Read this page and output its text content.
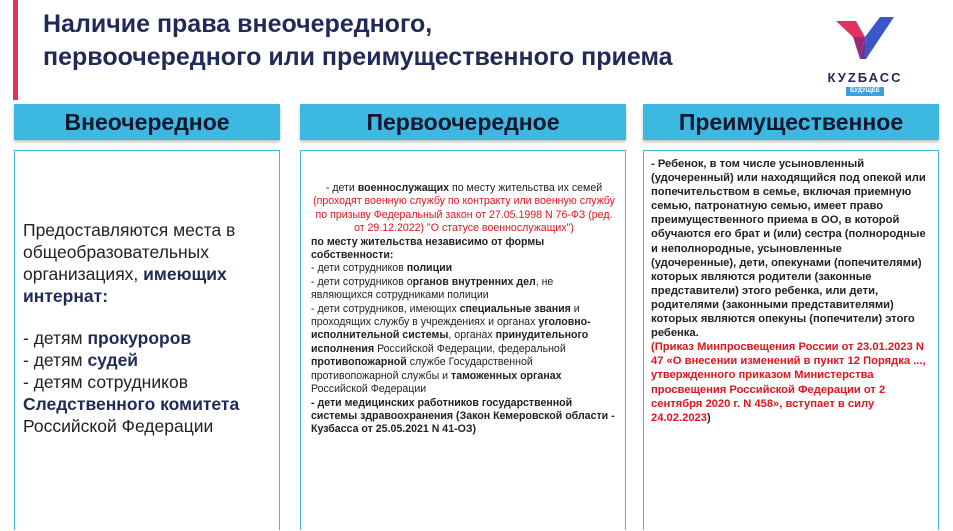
Наличие права внеочередного,
первоочередного или преимущественного приема
КУZБАСС
БУДУЩЕЕ
Внеочередное	Первоочередное	Преимущественное

Предоставляются места в общеобразовательных организациях, имеющих интернат:

- детям прокуроров

- детям судей

- детям сотрудников

Следственного комитета Российской Федерации

- дети военнослужащих по месту жительства их семей (проходят военную службу по контракту или военную службу по призыву Федеральный закон от 27.05.1998 N 76-ФЗ (ред. от 29.12.2022) "О статусе военнослужащих")

по месту жительства независимо от формы собственности:

- дети сотрудников полиции

- дети сотрудников органов внутренних дел, не являющихся сотрудниками полиции

- дети сотрудников, имеющих специальные звания и проходящих службу в учреждениях и органах уголовно-исполнительной системы, органах принудительного исполнения Российской Федерации, федеральной противопожарной службе Государственной противопожарной службы и таможенных органах Российской Федерации

- дети медицинских работников государственной системы здравоохранения (Закон Кемеровской области - Кузбасса от 25.05.2021 N 41-ОЗ)

- Ребенок, в том числе усыновленный (удочеренный) или находящийся под опекой или попечительством в семье, включая приемную семью, патронатную семью, имеет право преимущественного приема в ОО, в которой обучаются его брат и (или) сестра (полнородные и неполнородные, усыновленные (удочеренные), дети, опекунами (попечителями) которых являются родители (законные представители) этого ребенка, или дети, родителями (законными представителями) которых являются опекуны (попечители) этого ребенка.

(Приказ Минпросвещения России от 23.01.2023 N 47 «О внесении изменений в пункт 12 Порядка ..., утвержденного приказом Министерства просвещения Российской Федерации от 2 сентября 2020 г. N 458», вступает в силу 24.02.2023)
